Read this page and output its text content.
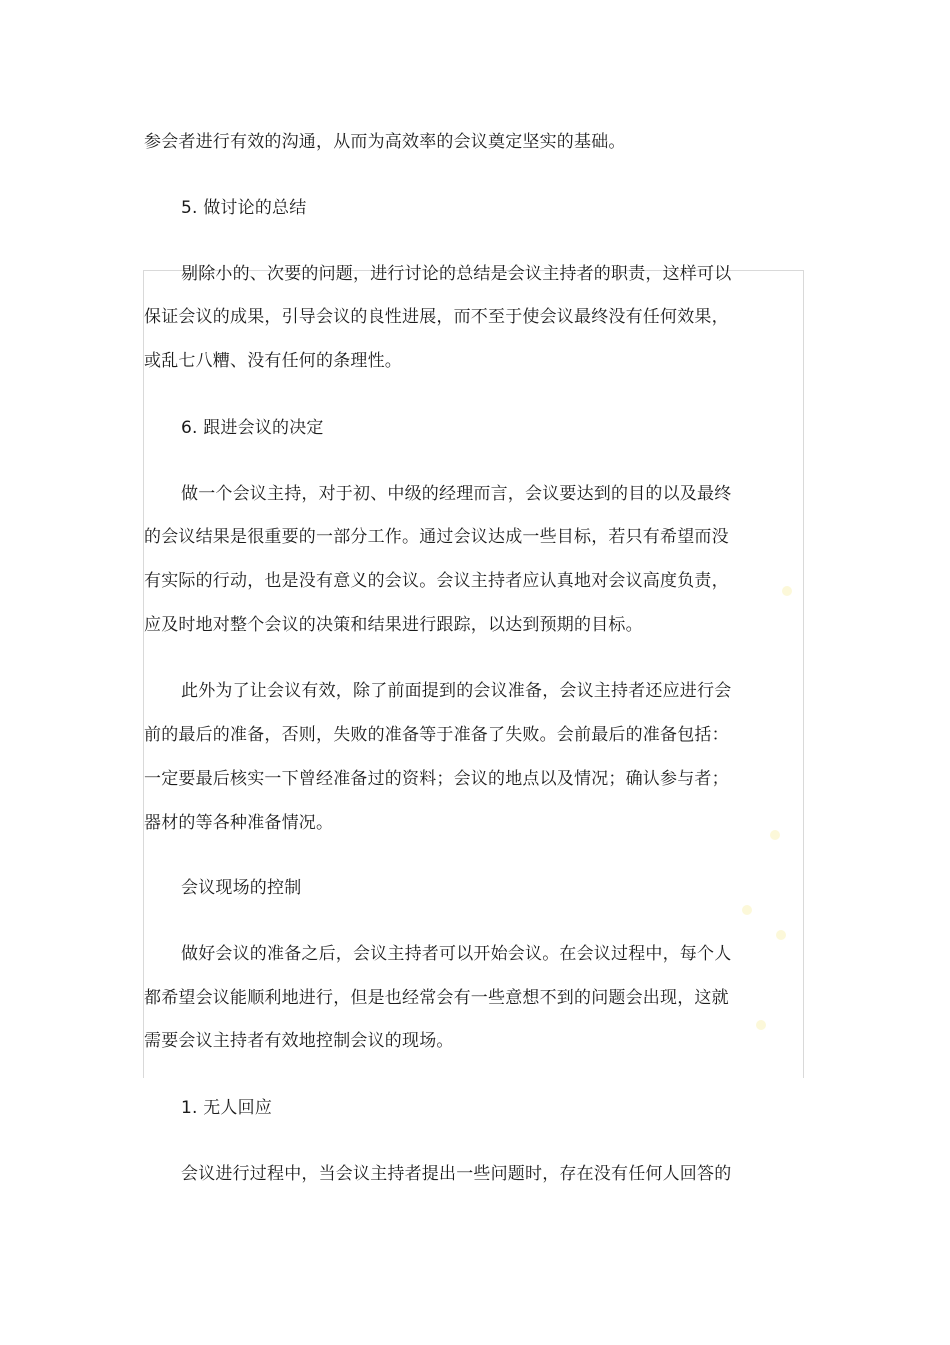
参会者进行有效的沟通，从而为高效率的会议奠定坚实的基础。
5. 做讨论的总结
剔除小的、次要的问题，进行讨论的总结是会议主持者的职责，这样可以
保证会议的成果，引导会议的良性进展，而不至于使会议最终没有任何效果，
或乱七八糟、没有任何的条理性。
6. 跟进会议的决定
做一个会议主持，对于初、中级的经理而言，会议要达到的目的以及最终
的会议结果是很重要的一部分工作。通过会议达成一些目标，若只有希望而没
有实际的行动，也是没有意义的会议。会议主持者应认真地对会议高度负责，
应及时地对整个会议的决策和结果进行跟踪，以达到预期的目标。
此外为了让会议有效，除了前面提到的会议准备，会议主持者还应进行会
前的最后的准备，否则，失败的准备等于准备了失败。会前最后的准备包括：
一定要最后核实一下曾经准备过的资料；会议的地点以及情况；确认参与者；
器材的等各种准备情况。
会议现场的控制
做好会议的准备之后，会议主持者可以开始会议。在会议过程中，每个人
都希望会议能顺利地进行，但是也经常会有一些意想不到的问题会出现，这就
需要会议主持者有效地控制会议的现场。
1. 无人回应
会议进行过程中，当会议主持者提出一些问题时，存在没有任何人回答的
